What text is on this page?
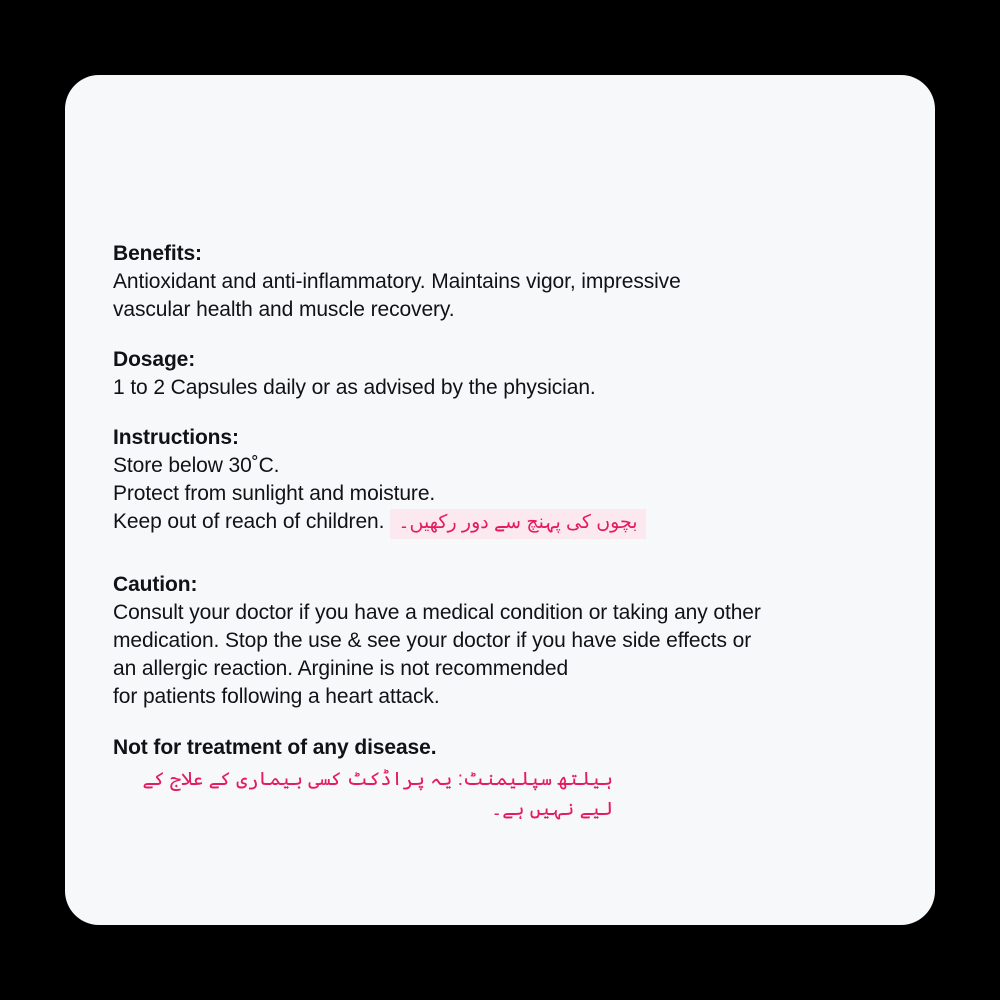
Benefits:
Antioxidant and anti-inflammatory. Maintains vigor, impressive
vascular health and muscle recovery.
Dosage:
1 to 2 Capsules daily or as advised by the physician.
Instructions:
Store below 30˚C.
Protect from sunlight and moisture.
Keep out of reach of children. بچوں کی پہنچ سے دور رکھیں۔
Caution:
Consult your doctor if you have a medical condition or taking any other
medication. Stop the use & see your doctor if you have side effects or
an allergic reaction. Arginine is not recommended
for patients following a heart attack.
Not for treatment of any disease.
ہیلتھ سپلیمنٹ: یہ پراڈکٹ کسی بیماری کے علاج کے لیے نہیں ہے۔
